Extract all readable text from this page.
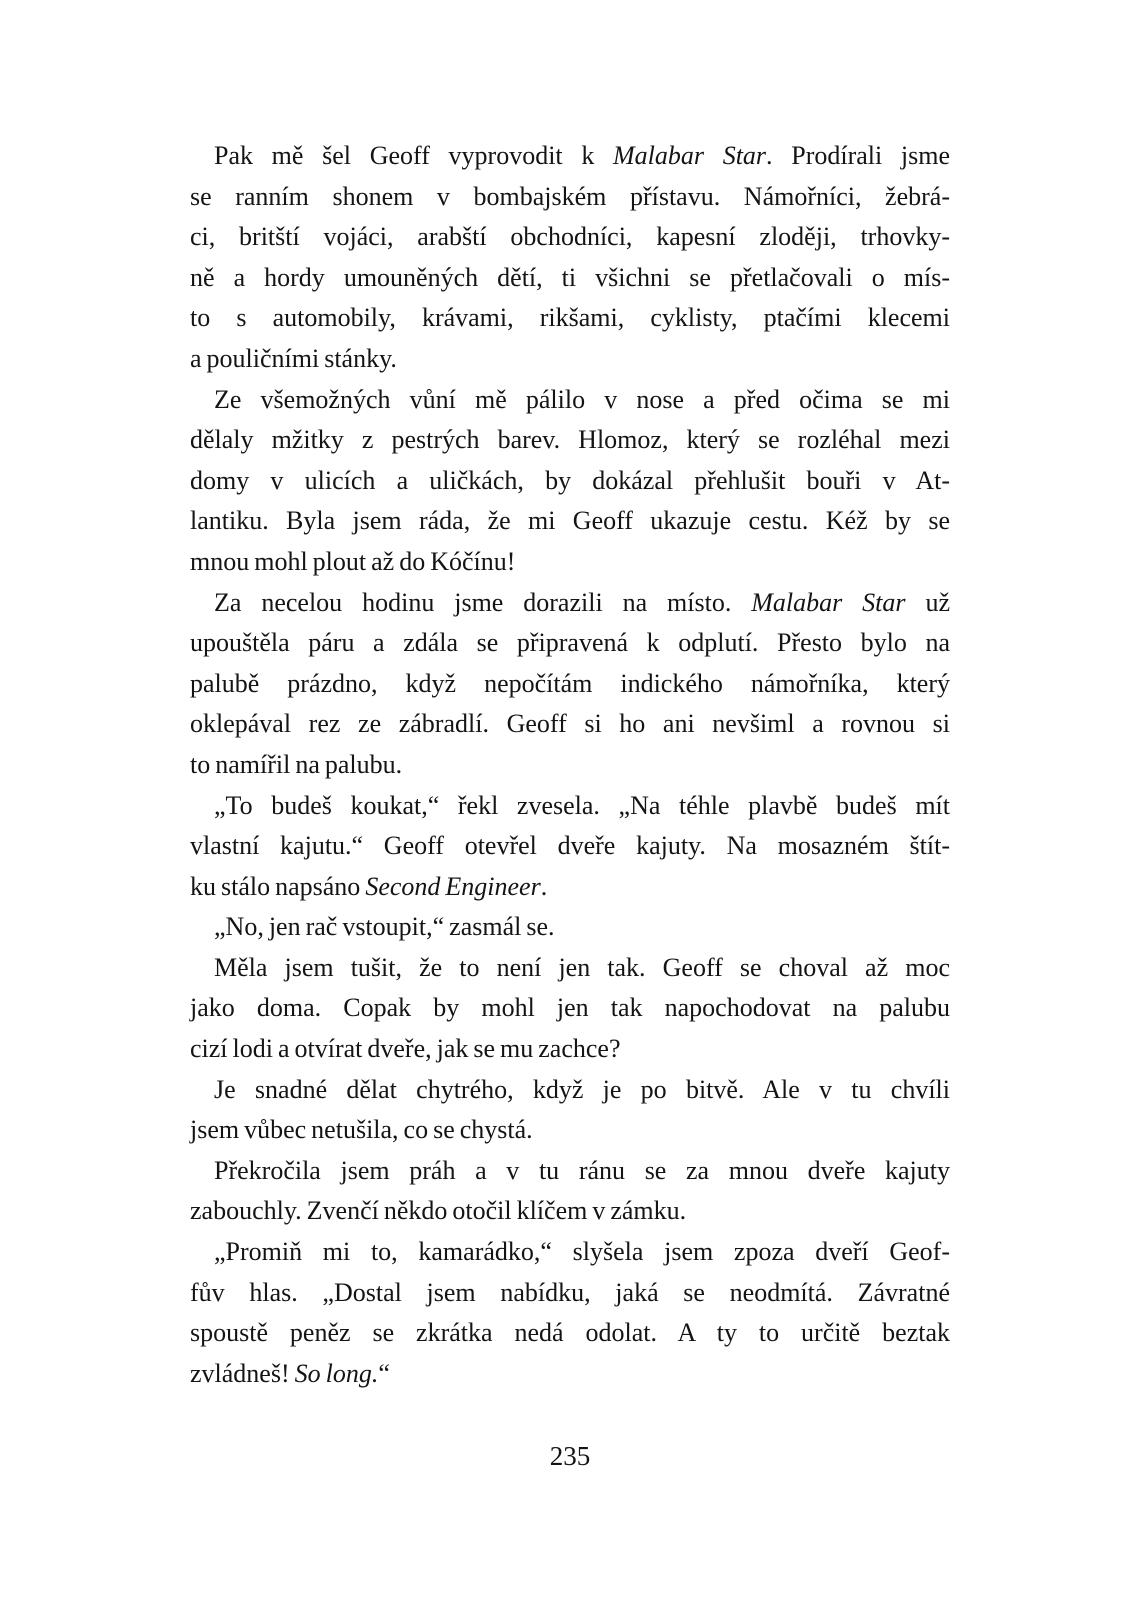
Pak mě šel Geoff vyprovodit k Malabar Star. Prodírali jsme
se ranním shonem v bombajském přístavu. Námořníci, žebrá-
ci, britští vojáci, arabští obchodníci, kapesní zloději, trhovky-
ně a hordy umouněných dětí, ti všichni se přetlačovali o mís-
to s automobily, krávami, rikšami, cyklisty, ptačími klecemi
a pouličními stánky.
Ze všemožných vůní mě pálilo v nose a před očima se mi
dělaly mžitky z pestrých barev. Hlomoz, který se rozléhal mezi
domy v ulicích a uličkách, by dokázal přehlušit bouři v At-
lantiku. Byla jsem ráda, že mi Geoff ukazuje cestu. Kéž by se
mnou mohl plout až do Kóčínu!
Za necelou hodinu jsme dorazili na místo. Malabar Star už
upouštěla páru a zdála se připravená k odplutí. Přesto bylo na
palubě prázdno, když nepočítám indického námořníka, který
oklepával rez ze zábradlí. Geoff si ho ani nevšiml a rovnou si
to namířil na palubu.
„To budeš koukat,“ řekl zvesela. „Na téhle plavbě budeš mít
vlastní kajutu.“ Geoff otevřel dveře kajuty. Na mosazném štít-
ku stálo napsáno Second Engineer.
„No, jen rač vstoupit,“ zasmál se.
Měla jsem tušit, že to není jen tak. Geoff se choval až moc
jako doma. Copak by mohl jen tak napochodovat na palubu
cizí lodi a otvírat dveře, jak se mu zachce?
Je snadné dělat chytrého, když je po bitvě. Ale v tu chvíli
jsem vůbec netušila, co se chystá.
Překročila jsem práh a v tu ránu se za mnou dveře kajuty
zabouchly. Zvenčí někdo otočil klíčem v zámku.
„Promiň mi to, kamarádko,“ slyšela jsem zpoza dveří Geof-
fův hlas. „Dostal jsem nabídku, jaká se neodmítá. Závratné
spoustě peněz se zkrátka nedá odolat. A ty to určitě beztak
zvládneš! So long.“
235
